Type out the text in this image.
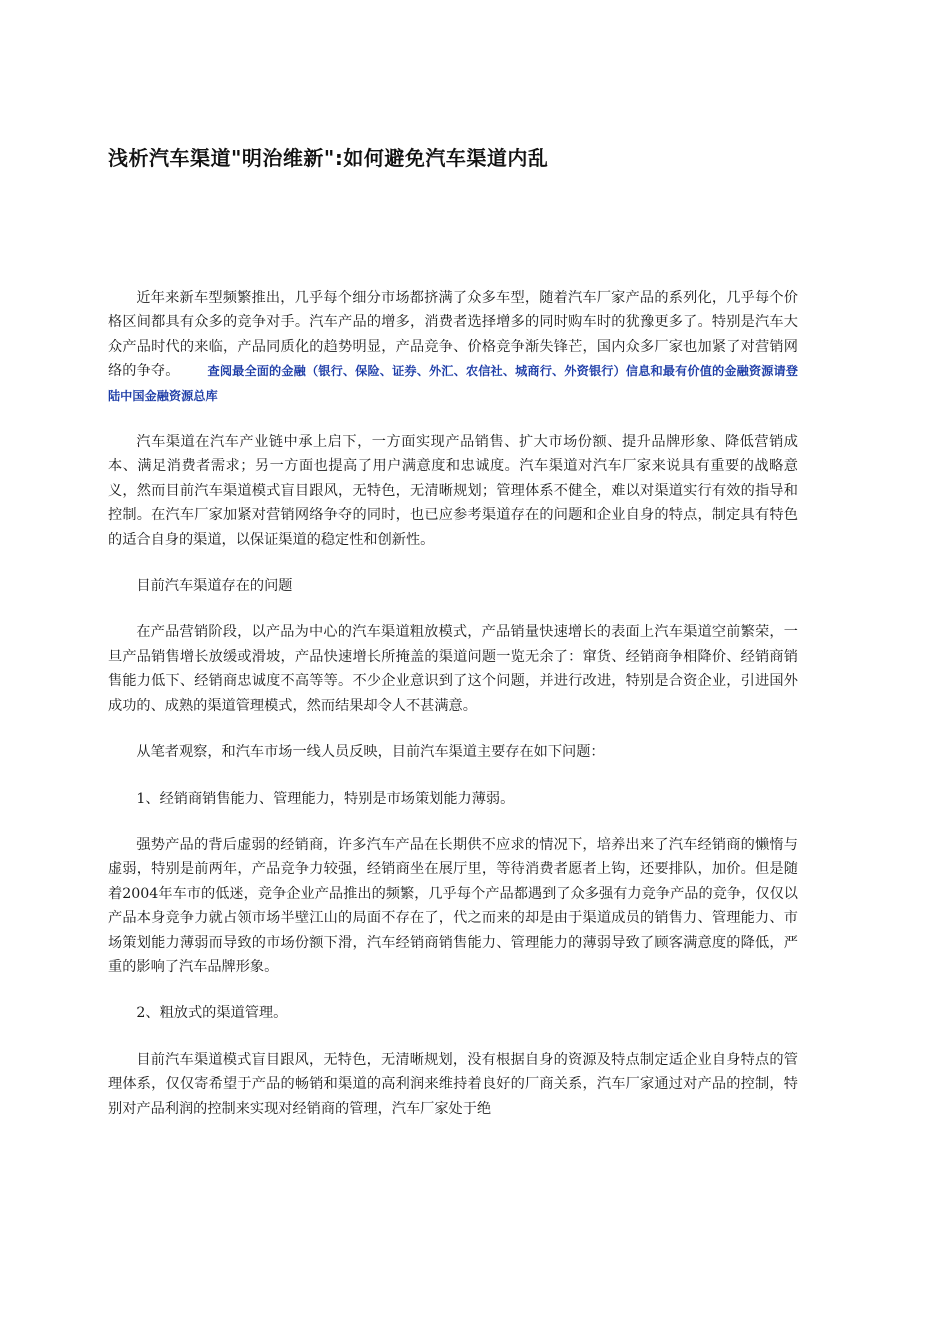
浅析汽车渠道"明治维新":如何避免汽车渠道内乱

近年来新车型频繁推出，几乎每个细分市场都挤满了众多车型，随着汽车厂家产品的系列化，几乎每个价格区间都具有众多的竞争对手。汽车产品的增多，消费者选择增多的同时购车时的犹豫更多了。特别是汽车大众产品时代的来临，产品同质化的趋势明显，产品竞争、价格竞争渐失锋芒，国内众多厂家也加紧了对营销网络的争夺。 查阅最全面的金融（银行、保险、证券、外汇、农信社、城商行、外资银行）信息和最有价值的金融资源请登陆中国金融资源总库

汽车渠道在汽车产业链中承上启下，一方面实现产品销售、扩大市场份额、提升品牌形象、降低营销成本、满足消费者需求；另一方面也提高了用户满意度和忠诚度。汽车渠道对汽车厂家来说具有重要的战略意义，然而目前汽车渠道模式盲目跟风，无特色，无清晰规划；管理体系不健全，难以对渠道实行有效的指导和控制。在汽车厂家加紧对营销网络争夺的同时，也已应参考渠道存在的问题和企业自身的特点，制定具有特色的适合自身的渠道，以保证渠道的稳定性和创新性。

目前汽车渠道存在的问题

在产品营销阶段，以产品为中心的汽车渠道粗放模式，产品销量快速增长的表面上汽车渠道空前繁荣，一旦产品销售增长放缓或滑坡，产品快速增长所掩盖的渠道问题一览无余了：窜货、经销商争相降价、经销商销售能力低下、经销商忠诚度不高等等。不少企业意识到了这个问题，并进行改进，特别是合资企业，引进国外成功的、成熟的渠道管理模式，然而结果却令人不甚满意。

从笔者观察，和汽车市场一线人员反映，目前汽车渠道主要存在如下问题：

1、经销商销售能力、管理能力，特别是市场策划能力薄弱。

强势产品的背后虚弱的经销商，许多汽车产品在长期供不应求的情况下，培养出来了汽车经销商的懒惰与虚弱，特别是前两年，产品竞争力较强，经销商坐在展厅里，等待消费者愿者上钩，还要排队，加价。但是随着2004年车市的低迷，竞争企业产品推出的频繁，几乎每个产品都遇到了众多强有力竞争产品的竞争，仅仅以产品本身竞争力就占领市场半壁江山的局面不存在了，代之而来的却是由于渠道成员的销售力、管理能力、市场策划能力薄弱而导致的市场份额下滑，汽车经销商销售能力、管理能力的薄弱导致了顾客满意度的降低，严重的影响了汽车品牌形象。

2、粗放式的渠道管理。

目前汽车渠道模式盲目跟风，无特色，无清晰规划，没有根据自身的资源及特点制定适企业自身特点的管理体系，仅仅寄希望于产品的畅销和渠道的高利润来维持着良好的厂商关系，汽车厂家通过对产品的控制，特别对产品利润的控制来实现对经销商的管理，汽车厂家处于绝
